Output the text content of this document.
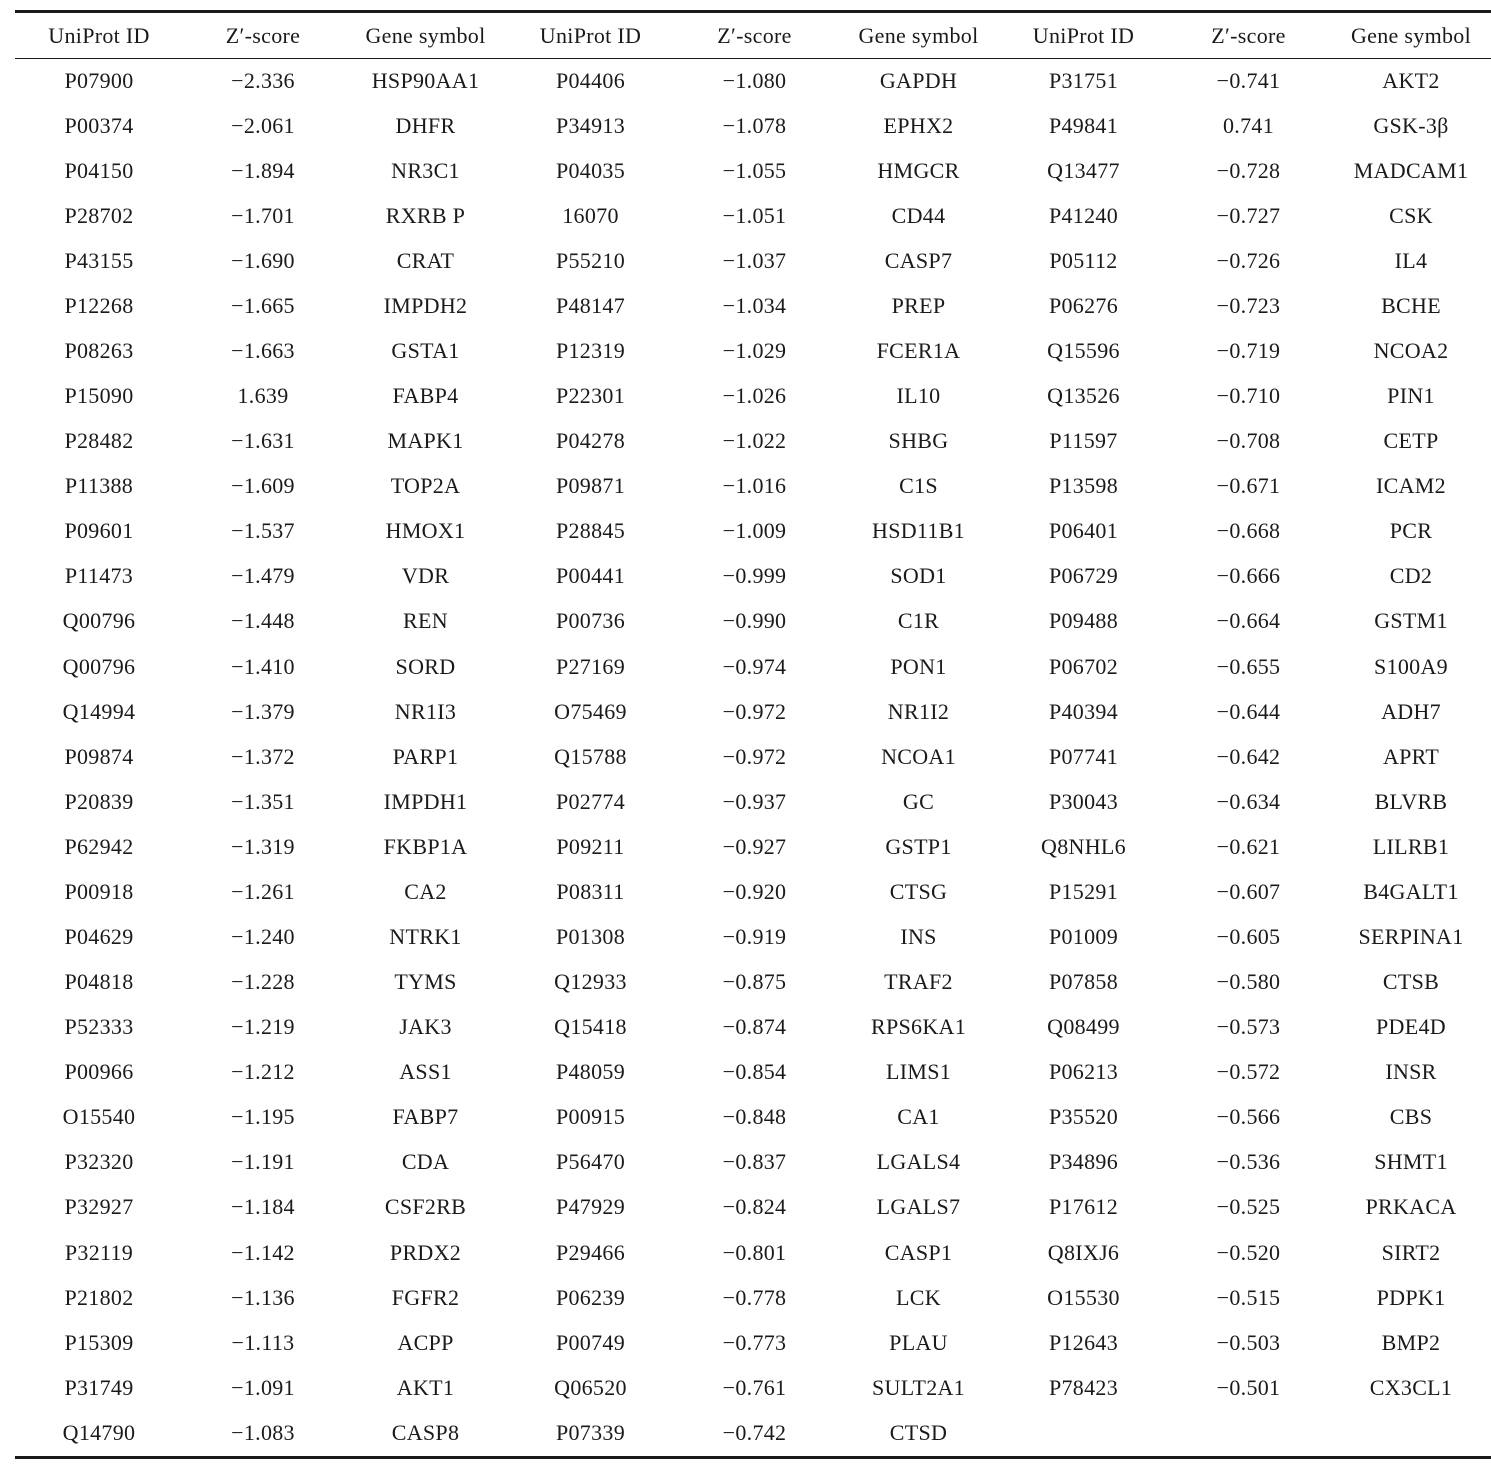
UniProt ID	Z′-score	Gene symbol	UniProt ID	Z′-score	Gene symbol	UniProt ID	Z′-score	Gene symbol
P07900	−2.336	HSP90AA1	P04406	−1.080	GAPDH	P31751	−0.741	AKT2
P00374	−2.061	DHFR	P34913	−1.078	EPHX2	P49841	0.741	GSK-3β
P04150	−1.894	NR3C1	P04035	−1.055	HMGCR	Q13477	−0.728	MADCAM1
P28702	−1.701	RXRB P	16070	−1.051	CD44	P41240	−0.727	CSK
P43155	−1.690	CRAT	P55210	−1.037	CASP7	P05112	−0.726	IL4
P12268	−1.665	IMPDH2	P48147	−1.034	PREP	P06276	−0.723	BCHE
P08263	−1.663	GSTA1	P12319	−1.029	FCER1A	Q15596	−0.719	NCOA2
P15090	1.639	FABP4	P22301	−1.026	IL10	Q13526	−0.710	PIN1
P28482	−1.631	MAPK1	P04278	−1.022	SHBG	P11597	−0.708	CETP
P11388	−1.609	TOP2A	P09871	−1.016	C1S	P13598	−0.671	ICAM2
P09601	−1.537	HMOX1	P28845	−1.009	HSD11B1	P06401	−0.668	PCR
P11473	−1.479	VDR	P00441	−0.999	SOD1	P06729	−0.666	CD2
Q00796	−1.448	REN	P00736	−0.990	C1R	P09488	−0.664	GSTM1
Q00796	−1.410	SORD	P27169	−0.974	PON1	P06702	−0.655	S100A9
Q14994	−1.379	NR1I3	O75469	−0.972	NR1I2	P40394	−0.644	ADH7
P09874	−1.372	PARP1	Q15788	−0.972	NCOA1	P07741	−0.642	APRT
P20839	−1.351	IMPDH1	P02774	−0.937	GC	P30043	−0.634	BLVRB
P62942	−1.319	FKBP1A	P09211	−0.927	GSTP1	Q8NHL6	−0.621	LILRB1
P00918	−1.261	CA2	P08311	−0.920	CTSG	P15291	−0.607	B4GALT1
P04629	−1.240	NTRK1	P01308	−0.919	INS	P01009	−0.605	SERPINA1
P04818	−1.228	TYMS	Q12933	−0.875	TRAF2	P07858	−0.580	CTSB
P52333	−1.219	JAK3	Q15418	−0.874	RPS6KA1	Q08499	−0.573	PDE4D
P00966	−1.212	ASS1	P48059	−0.854	LIMS1	P06213	−0.572	INSR
O15540	−1.195	FABP7	P00915	−0.848	CA1	P35520	−0.566	CBS
P32320	−1.191	CDA	P56470	−0.837	LGALS4	P34896	−0.536	SHMT1
P32927	−1.184	CSF2RB	P47929	−0.824	LGALS7	P17612	−0.525	PRKACA
P32119	−1.142	PRDX2	P29466	−0.801	CASP1	Q8IXJ6	−0.520	SIRT2
P21802	−1.136	FGFR2	P06239	−0.778	LCK	O15530	−0.515	PDPK1
P15309	−1.113	ACPP	P00749	−0.773	PLAU	P12643	−0.503	BMP2
P31749	−1.091	AKT1	Q06520	−0.761	SULT2A1	P78423	−0.501	CX3CL1
Q14790	−1.083	CASP8	P07339	−0.742	CTSD			
